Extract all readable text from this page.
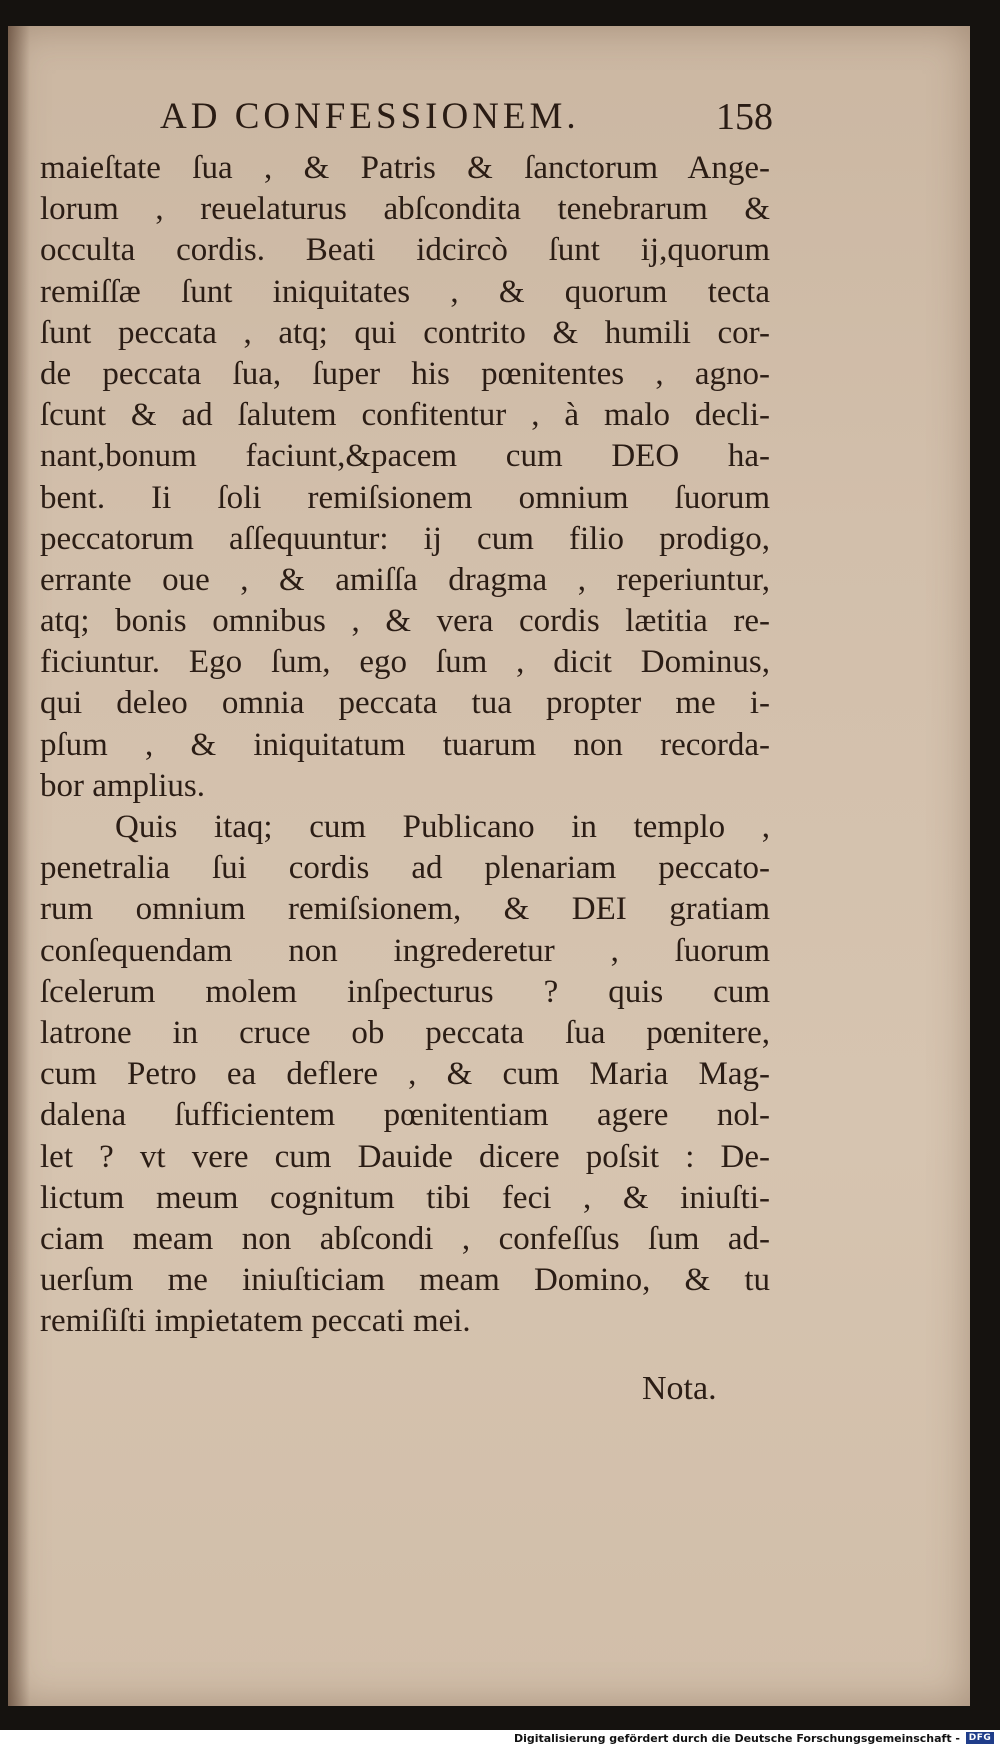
AD CONFESSIONEM.	158
maieſtate ſua , & Patris & ſanctorum Ange-
lorum , reuelaturus abſcondita tenebrarum &
occulta cordis. Beati idcircò ſunt ij,quorum
remiſſæ ſunt iniquitates , & quorum tecta
ſunt peccata , atq; qui contrito & humili cor-
de peccata ſua, ſuper his pœnitentes , agno-
ſcunt & ad ſalutem confitentur , à malo decli-
nant,bonum faciunt,&pacem cum DEO ha-
bent. Ii ſoli remiſsionem omnium ſuorum
peccatorum aſſequuntur: ij cum filio prodigo,
errante oue , & amiſſa dragma , reperiuntur,
atq; bonis omnibus , & vera cordis lætitia re-
ficiuntur. Ego ſum, ego ſum , dicit Dominus,
qui deleo omnia peccata tua propter me i-
pſum , & iniquitatum tuarum non recorda-
bor amplius.
Quis itaq; cum Publicano in templo ,
penetralia ſui cordis ad plenariam peccato-
rum omnium remiſsionem, & DEI gratiam
conſequendam non ingrederetur , ſuorum
ſcelerum molem inſpecturus ? quis cum
latrone in cruce ob peccata ſua pœnitere,
cum Petro ea deflere , & cum Maria Mag-
dalena ſufficientem pœnitentiam agere nol-
let ? vt vere cum Dauide dicere poſsit : De-
lictum meum cognitum tibi feci , & iniuſti-
ciam meam non abſcondi , confeſſus ſum ad-
uerſum me iniuſticiam meam Domino, & tu
remiſiſti impietatem peccati mei.
Nota.
Digitalisierung gefördert durch die Deutsche Forschungsgemeinschaft - DFG
